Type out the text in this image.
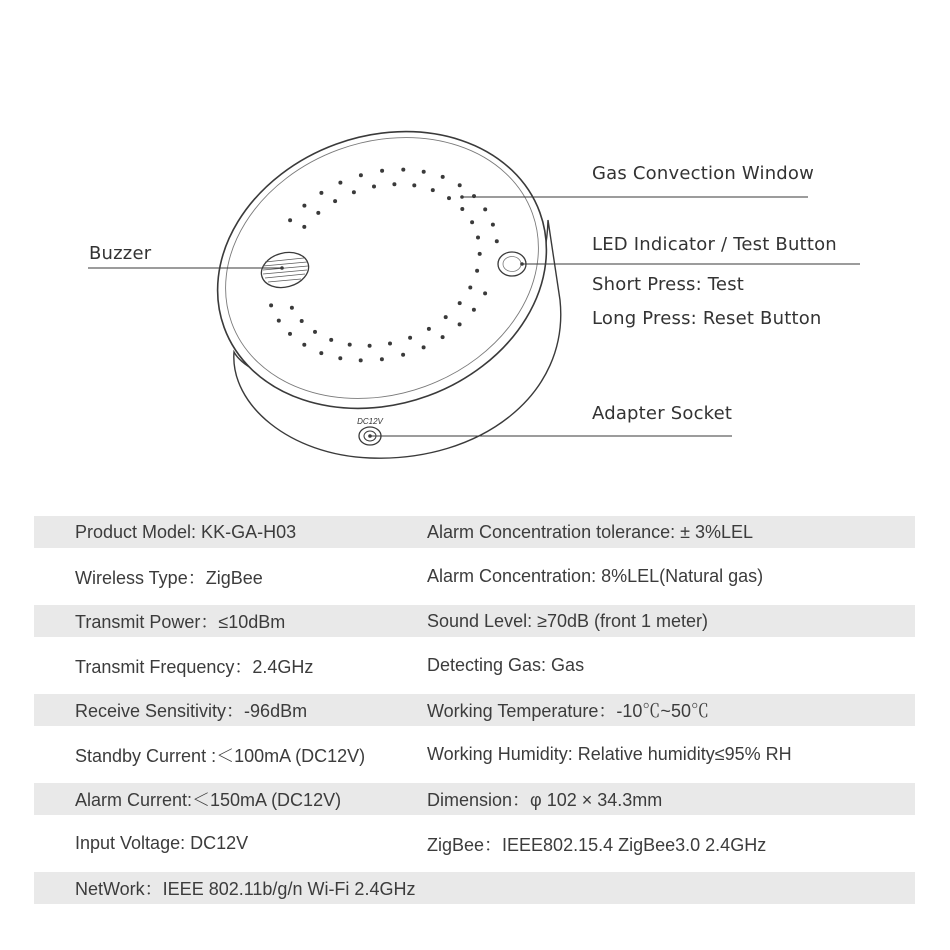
DC12V
Gas Convection Window
LED Indicator / Test Button
Short Press: Test
Long Press: Reset Button
Buzzer
Adapter Socket
Product Model: KK-GA-H03	Alarm Concentration tolerance: ± 3%LEL
Wireless Type：ZigBee	Alarm Concentration: 8%LEL(Natural gas)
Transmit Power：≤10dBm	Sound Level: ≥70dB (front 1 meter)
Transmit Frequency：2.4GHz	Detecting Gas: Gas
Receive Sensitivity：-96dBm	Working Temperature：-10℃~50℃
Standby Current :＜100mA (DC12V)	Working Humidity: Relative humidity≤95% RH
Alarm Current:＜150mA (DC12V)	Dimension：φ 102 × 34.3mm
Input Voltage: DC12V	ZigBee：IEEE802.15.4 ZigBee3.0 2.4GHz
NetWork：IEEE 802.11b/g/n Wi-Fi 2.4GHz
